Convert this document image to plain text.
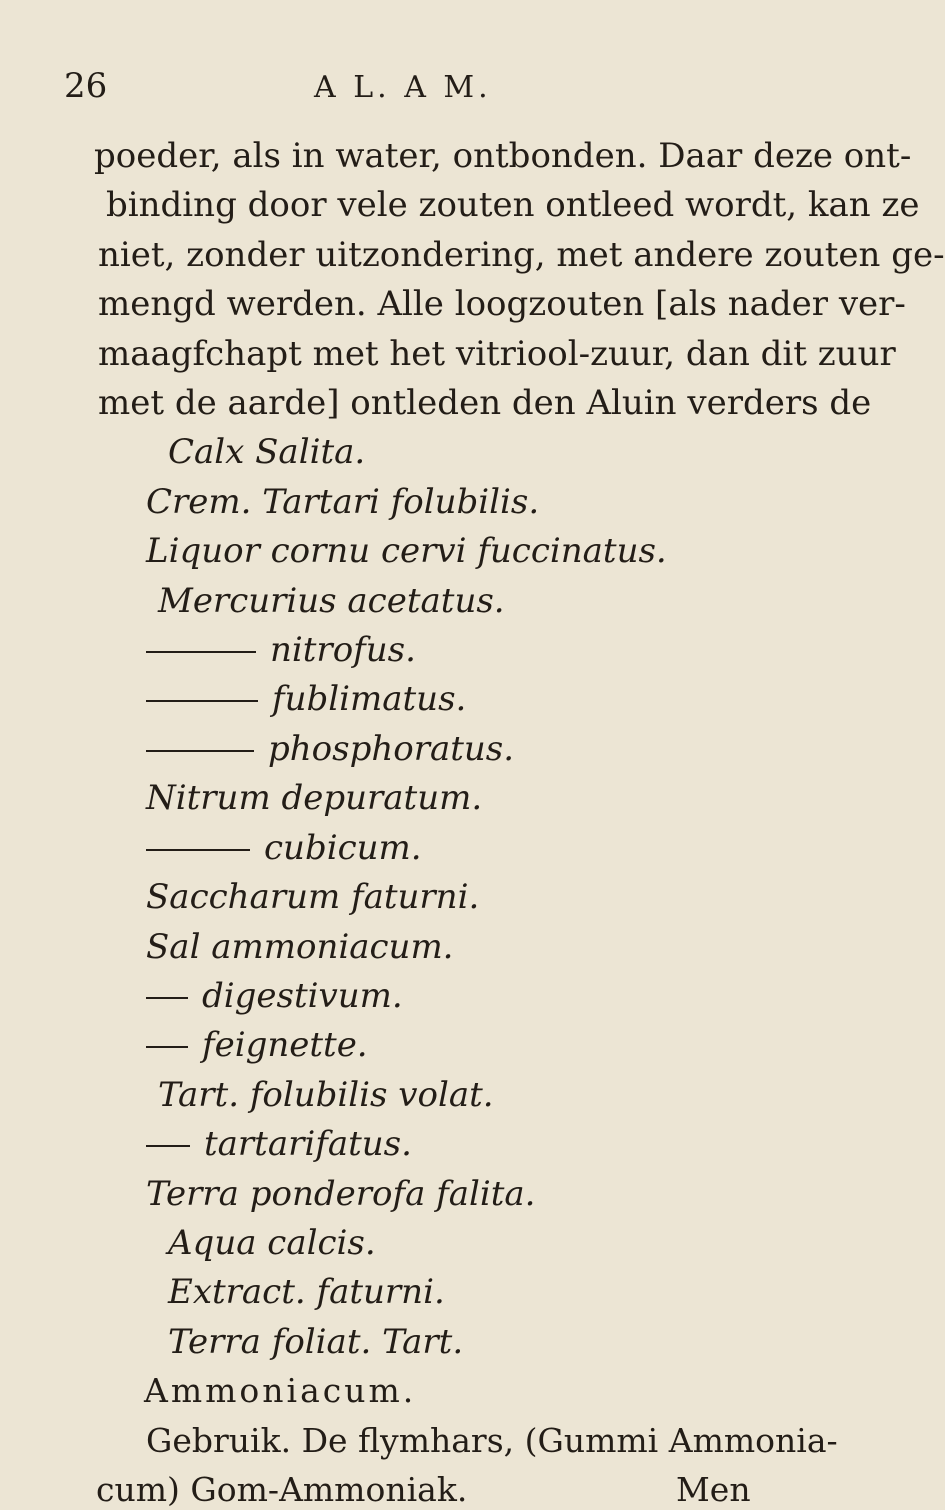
26	A L. A M.
poeder, als in water, ontbonden. Daar deze ont-
binding door vele zouten ontleed wordt, kan ze
niet, zonder uitzondering, met andere zouten ge-
mengd werden. Alle loogzouten [als nader ver-
maagfchapt met het vitriool-zuur, dan dit zuur
met de aarde] ontleden den Aluin verders de
Calx Salita.
Crem. Tartari folubilis.
Liquor cornu cervi fuccinatus.
Mercurius acetatus.
nitrofus.
fublimatus.
phosphoratus.
Nitrum depuratum.
cubicum.
Saccharum faturni.
Sal ammoniacum.
digestivum.
feignette.
Tart. folubilis volat.
tartarifatus.
Terra ponderofa falita.
Aqua calcis.
Extract. faturni.
Terra foliat. Tart.
Ammoniacum.
Gebruik. De flymhars, (Gummi Ammonia-
cum) Gom-Ammoniak.	Men
